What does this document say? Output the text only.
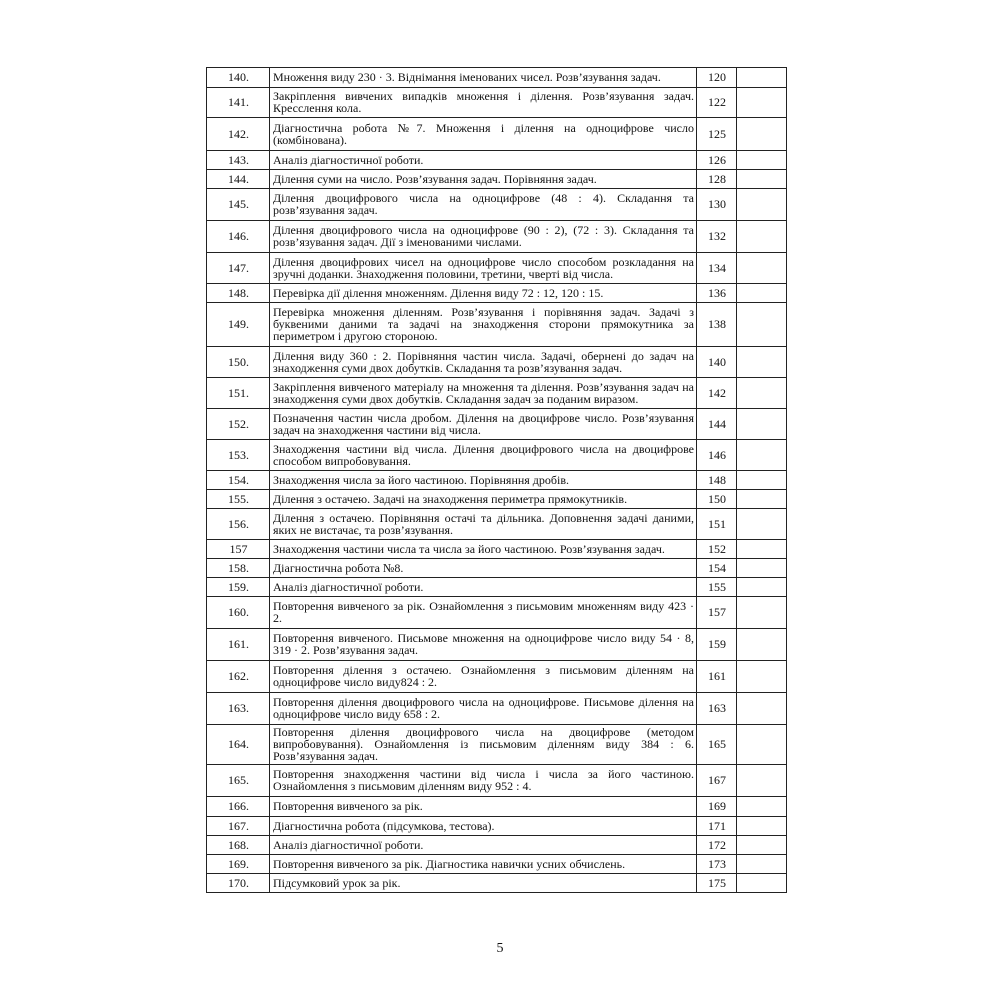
140.	Множення виду 230 · 3. Віднімання іменованих чисел. Розв’язування задач.	120	
141.	Закріплення вивчених випадків множення і ділення. Розв’язування задач. Кресслення кола.	122	
142.	Діагностична робота №7. Множення і ділення на одноцифрове число (комбінована).	125	
143.	Аналіз діагностичної роботи.	126	
144.	Ділення суми на число. Розв’язування задач. Порівняння задач.	128	
145.	Ділення двоцифрового числа на одноцифрове (48 : 4). Складання та розв’язування задач.	130	
146.	Ділення двоцифрового числа на одноцифрове (90 : 2), (72 : 3). Складання та розв’язування задач. Дії з іменованими числами.	132	
147.	Ділення двоцифрових чисел на одноцифрове число способом розкладання на зручні доданки. Знаходження половини, третини, чверті від числа.	134	
148.	Перевірка дії ділення множенням. Ділення виду 72 : 12, 120 : 15.	136	
149.	Перевірка множення діленням. Розв’язування і порівняння задач. Задачі з буквеними даними та задачі на знаходження сторони прямокутника за периметром і другою стороною.	138	
150.	Ділення виду 360 : 2. Порівняння частин числа. Задачі, обернені до задач на знаходження суми двох добутків. Складання та розв’язування задач.	140	
151.	Закріплення вивченого матеріалу на множення та ділення. Розв’язування задач на знаходження суми двох добутків. Складання задач за поданим виразом.	142	
152.	Позначення частин числа дробом. Ділення на двоцифрове число. Розв’язування задач на знаходження частини від числа.	144	
153.	Знаходження частини від числа. Ділення двоцифрового числа на двоцифрове способом випробовування.	146	
154.	Знаходження числа за його частиною. Порівняння дробів.	148	
155.	Ділення з остачею. Задачі на знаходження периметра прямокутників.	150	
156.	Ділення з остачею. Порівняння остачі та дільника. Доповнення задачі даними, яких не вистачає, та розв’язування.	151	
157	Знаходження частини числа та числа за його частиною. Розв’язування задач.	152	
158.	Діагностична робота №8.	154	
159.	Аналіз діагностичної роботи.	155	
160.	Повторення вивченого за рік. Ознайомлення з письмовим множенням виду 423 · 2.	157	
161.	Повторення вивченого. Письмове множення на одноцифрове число виду 54 · 8, 319 · 2. Розв’язування задач.	159	
162.	Повторення ділення з остачею. Ознайомлення з письмовим діленням на одноцифрове число виду824 : 2.	161	
163.	Повторення ділення двоцифрового числа на одноцифрове. Письмове ділення на одноцифрове число виду 658 : 2.	163	
164.	Повторення ділення двоцифрового числа на двоцифрове (методом випробовування). Ознайомлення із письмовим діленням виду 384 : 6. Розв’язування задач.	165	
165.	Повторення знаходження частини від числа і числа за його частиною. Ознайомлення з письмовим діленням виду 952 : 4.	167	
166.	Повторення вивченого за рік.	169	
167.	Діагностична робота (підсумкова, тестова).	171	
168.	Аналіз діагностичної роботи.	172	
169.	Повторення вивченого за рік. Діагностика навички усних обчислень.	173	
170.	Підсумковий урок за рік.	175	
5
